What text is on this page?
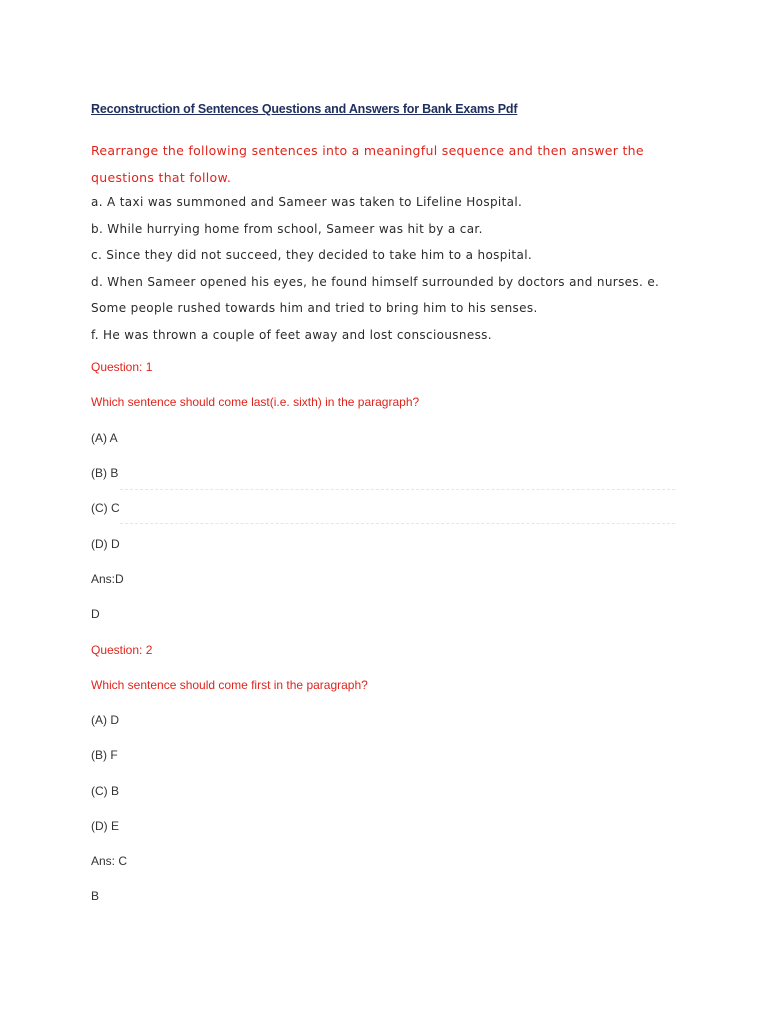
Reconstruction of Sentences Questions and Answers for Bank Exams Pdf
Rearrange the following sentences into a meaningful sequence and then answer the questions that follow.
a. A taxi was summoned and Sameer was taken to Lifeline Hospital.
b. While hurrying home from school, Sameer was hit by a car.
c. Since they did not succeed, they decided to take him to a hospital.
d. When Sameer opened his eyes, he found himself surrounded by doctors and nurses. e.
Some people rushed towards him and tried to bring him to his senses.
f. He was thrown a couple of feet away and lost consciousness.
Question: 1
Which sentence should come last(i.e. sixth) in the paragraph?
(A) A
(B) B
(C) C
(D) D
Ans:D
D
Question: 2
Which sentence should come first in the paragraph?
(A) D
(B) F
(C) B
(D) E
Ans: C
B
